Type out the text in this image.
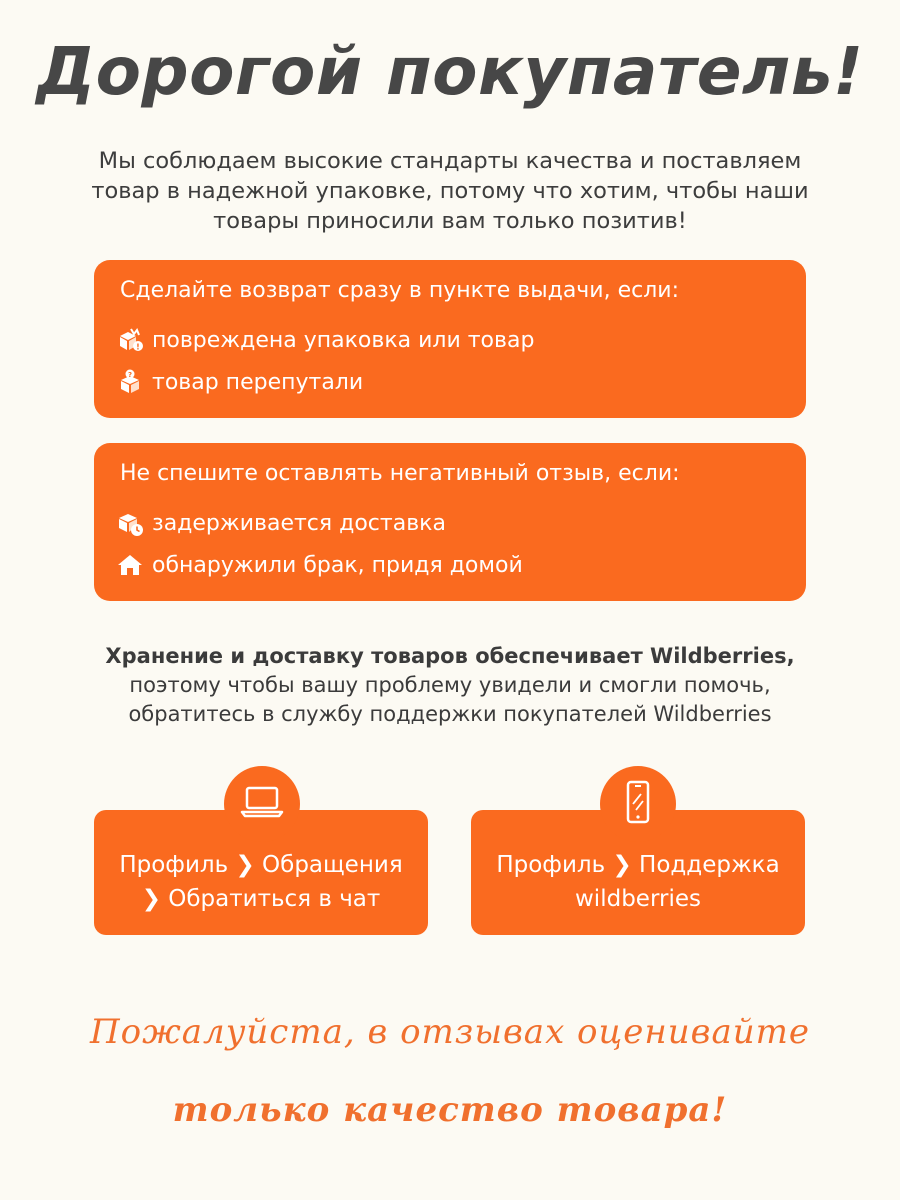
Дорогой покупатель!
Мы соблюдаем высокие стандарты качества и поставляем
товар в надежной упаковке, потому что хотим, чтобы наши
товары приносили вам только позитив!
Сделайте возврат сразу в пункте выдачи, если:
! повреждена упаковка или товар
? товар перепутали
Не спешите оставлять негативный отзыв, если:
задерживается доставка
обнаружили брак, придя домой
Хранение и доставку товаров обеспечивает Wildberries,
поэтому чтобы вашу проблему увидели и смогли помочь,
обратитесь в службу поддержки покупателей Wildberries
Профиль ❯ Обращения
❯ Обратиться в чат
Профиль ❯ Поддержка
wildberries
Пожалуйста, в отзывах оценивайте
только качество товара!
